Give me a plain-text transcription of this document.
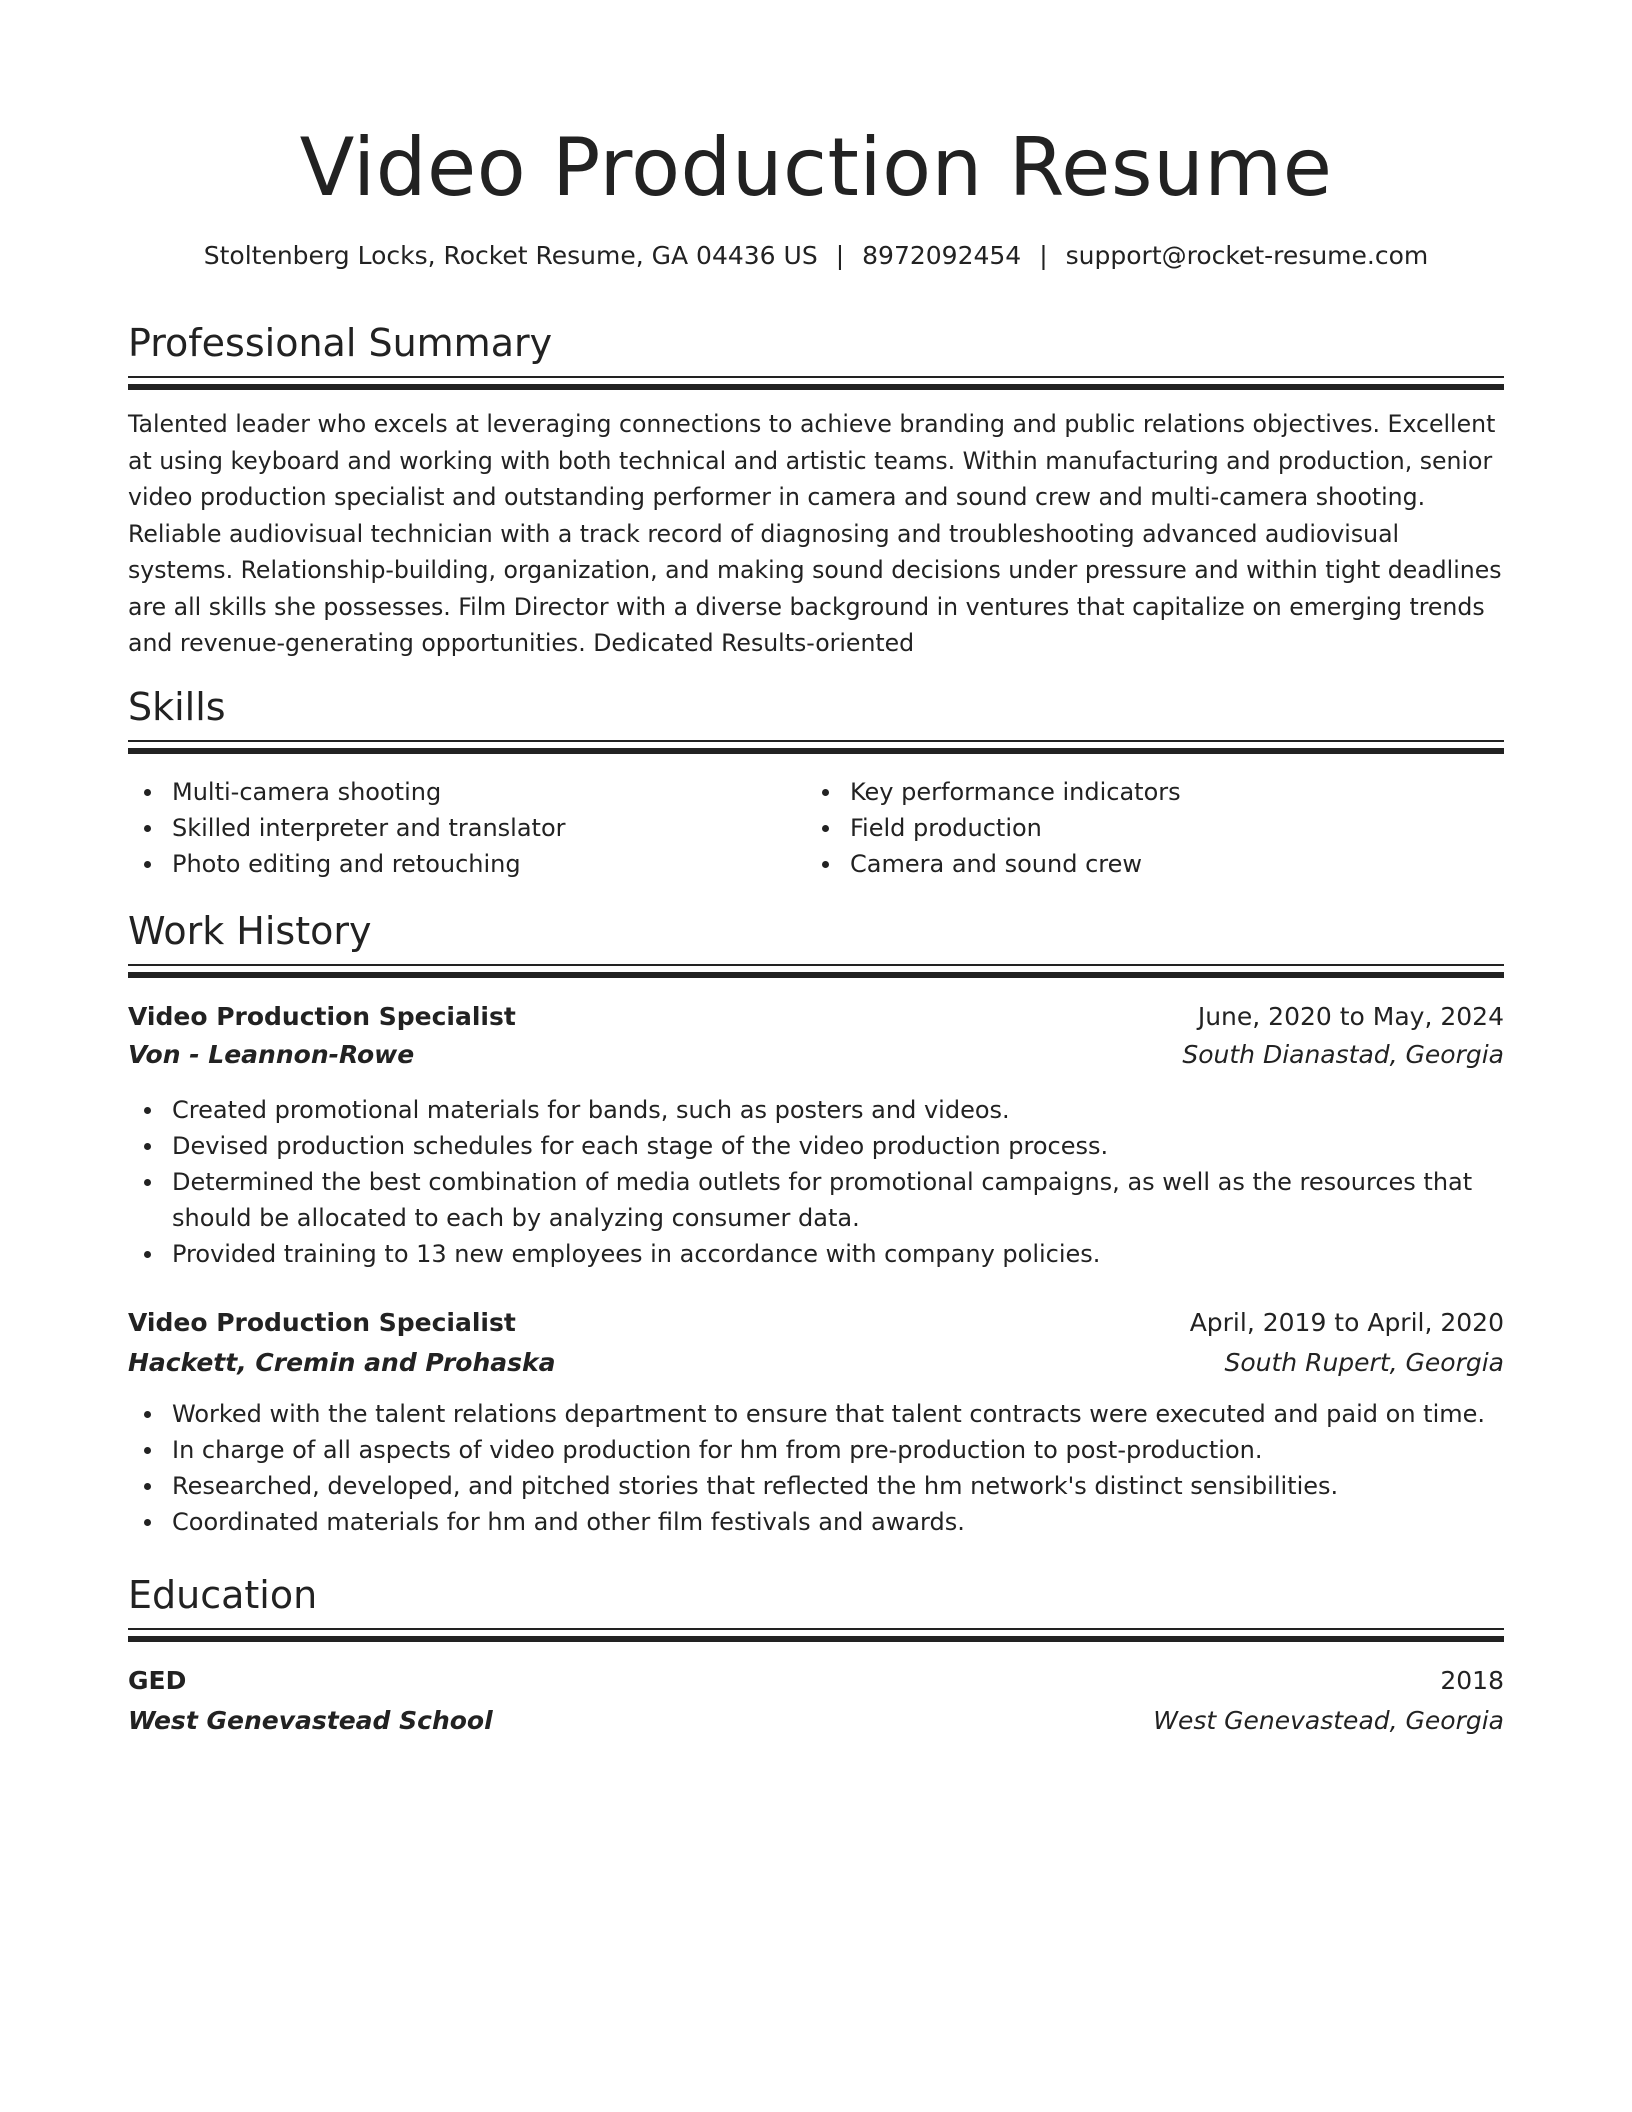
Video Production Resume
Stoltenberg Locks, Rocket Resume, GA 04436 US | 8972092454 | support@rocket-resume.com
Professional Summary
Talented leader who excels at leveraging connections to achieve branding and public relations objectives. Excellent at using keyboard and working with both technical and artistic teams. Within manufacturing and production, senior video production specialist and outstanding performer in camera and sound crew and multi-camera shooting. Reliable audiovisual technician with a track record of diagnosing and troubleshooting advanced audiovisual systems. Relationship-building, organization, and making sound decisions under pressure and within tight deadlines are all skills she possesses. Film Director with a diverse background in ventures that capitalize on emerging trends and revenue-generating opportunities. Dedicated Results-oriented
Skills
Multi-camera shooting	Key performance indicators
Skilled interpreter and translator	Field production
Photo editing and retouching	Camera and sound crew
Work History
Video Production Specialist	June, 2020 to May, 2024
Von - Leannon-Rowe	South Dianastad, Georgia
Created promotional materials for bands, such as posters and videos.
Devised production schedules for each stage of the video production process.
Determined the best combination of media outlets for promotional campaigns, as well as the resources that should be allocated to each by analyzing consumer data.
Provided training to 13 new employees in accordance with company policies.
Video Production Specialist	April, 2019 to April, 2020
Hackett, Cremin and Prohaska	South Rupert, Georgia
Worked with the talent relations department to ensure that talent contracts were executed and paid on time.
In charge of all aspects of video production for hm from pre-production to post-production.
Researched, developed, and pitched stories that reflected the hm network's distinct sensibilities.
Coordinated materials for hm and other film festivals and awards.
Education
GED	2018
West Genevastead School	West Genevastead, Georgia
